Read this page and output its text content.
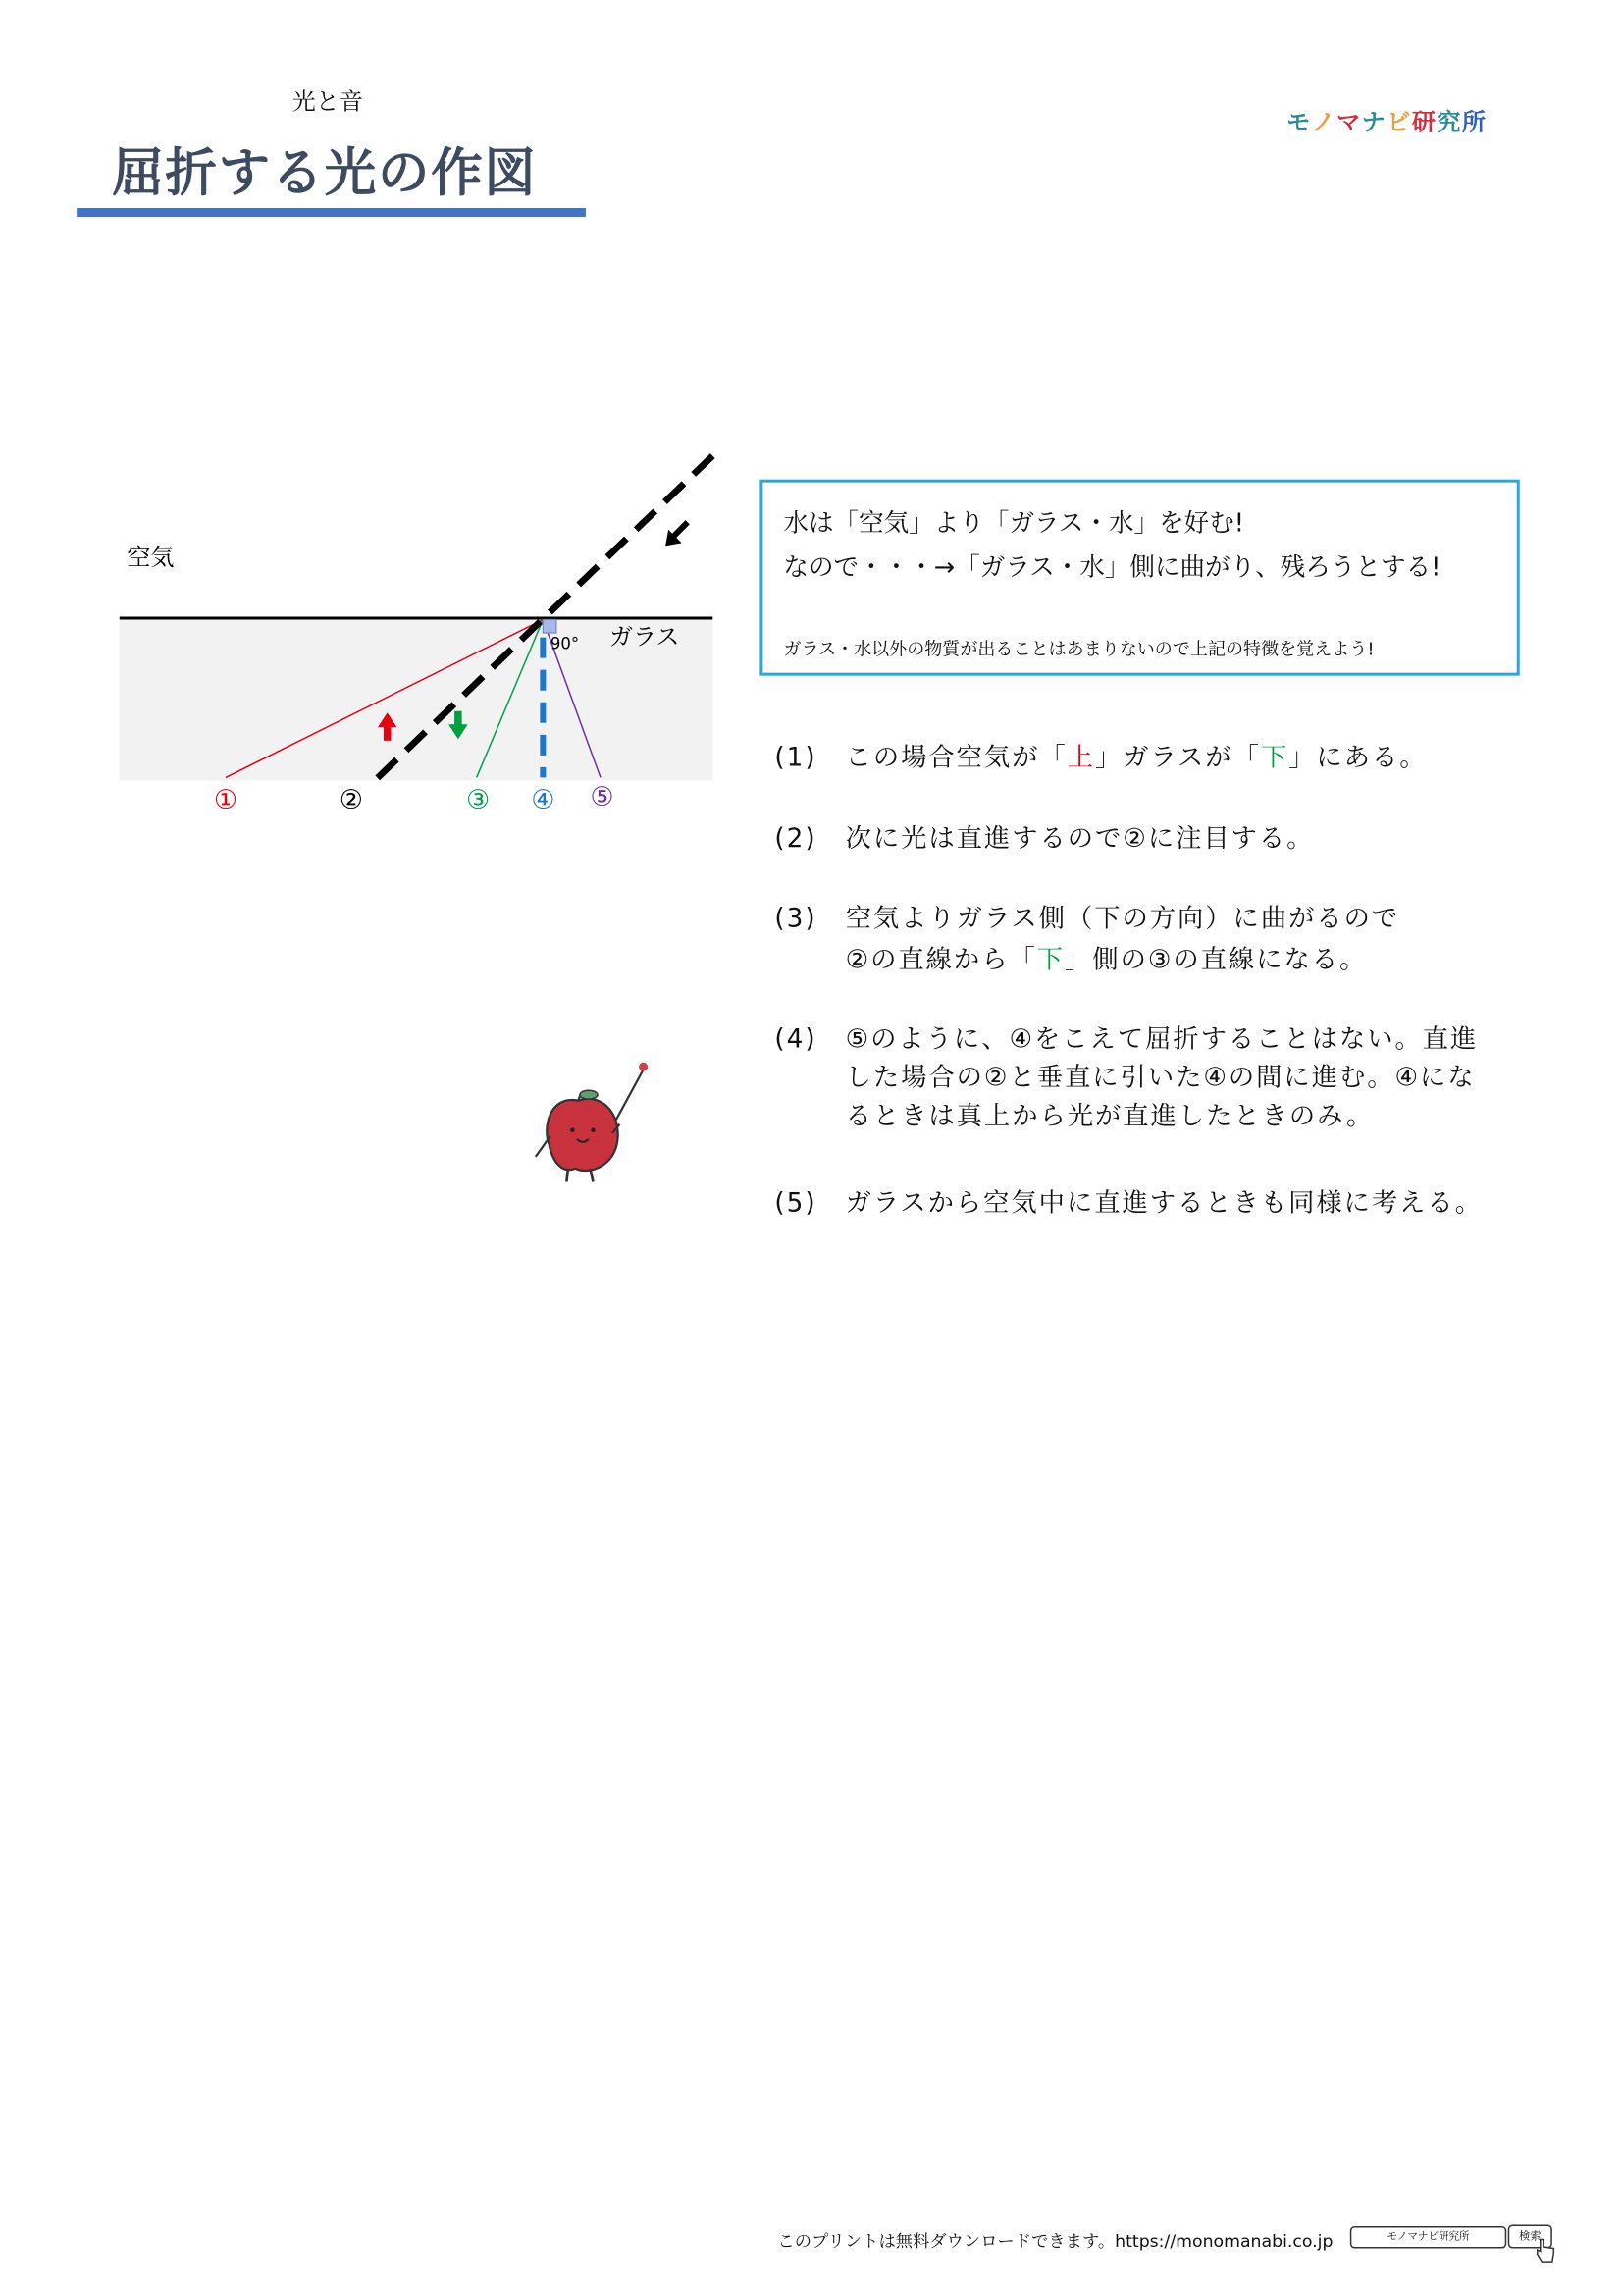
光と音
屈折する光の作図
モノマナビ研究所
空気
ガラス
90°
①	②	③ ④ ⑤
水は「空気」より「ガラス・水」を好む!
なので・・・→「ガラス・水」側に曲がり、残ろうとする!
ガラス・水以外の物質が出ることはあまりないので上記の特徴を覚えよう!
(1) この場合空気が「上」ガラスが「下」にある。
(2) 次に光は直進するので②に注目する。
(3) 空気よりガラス側（下の方向）に曲がるので
②の直線から「下」側の③の直線になる。
(4) ⑤のように、④をこえて屈折することはない。直進
した場合の②と垂直に引いた④の間に進む。④にな
るときは真上から光が直進したときのみ。
(5) ガラスから空気中に直進するときも同様に考える。
このプリントは無料ダウンロードできます。https://monomanabi.co.jp	モノマナビ研究所	検索
